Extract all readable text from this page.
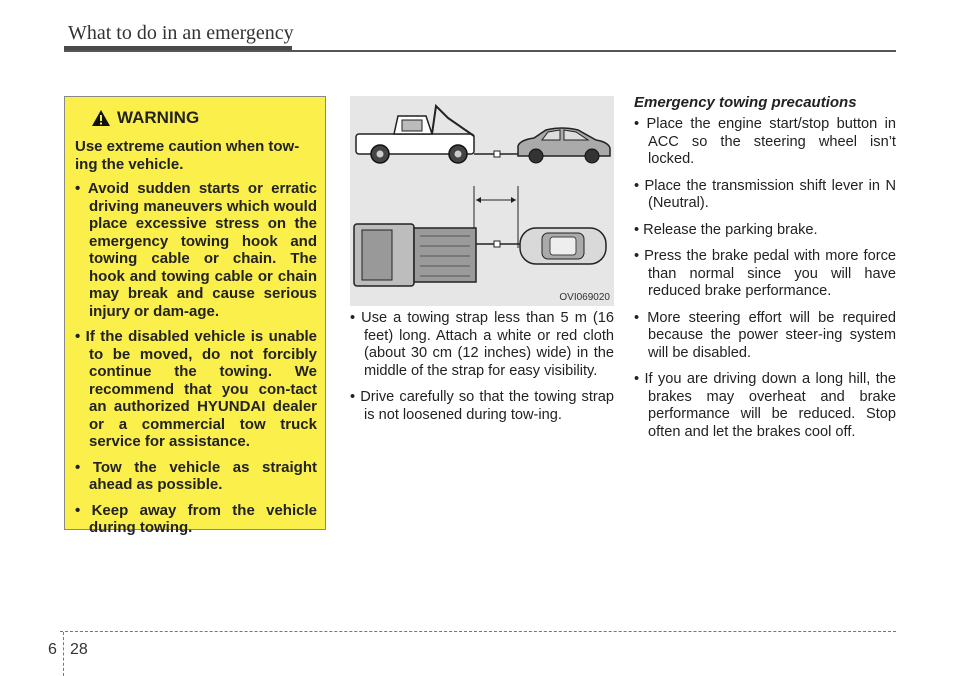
What to do in an emergency
WARNING
Use extreme caution when tow-ing the vehicle.
• Avoid sudden starts or erratic driving maneuvers which would place excessive stress on the emergency towing hook and towing cable or chain. The hook and towing cable or chain may break and cause serious injury or dam-age.
• If the disabled vehicle is unable to be moved, do not forcibly continue the towing. We recommend that you con-tact an authorized HYUNDAI dealer or a commercial tow truck service for assistance.
• Tow the vehicle as straight ahead as possible.
• Keep away from the vehicle during towing.
OVI069020
• Use a towing strap less than 5 m (16 feet) long. Attach a white or red cloth (about 30 cm (12 inches) wide) in the middle of the strap for easy visibility.
• Drive carefully so that the towing strap is not loosened during tow-ing.
Emergency towing precautions
• Place the engine start/stop button in ACC so the steering wheel isn’t locked.
• Place the transmission shift lever in N (Neutral).
• Release the parking brake.
• Press the brake pedal with more force than normal since you will have reduced brake performance.
• More steering effort will be required because the power steer-ing system will be disabled.
• If you are driving down a long hill, the brakes may overheat and brake performance will be reduced. Stop often and let the brakes cool off.
6 28
